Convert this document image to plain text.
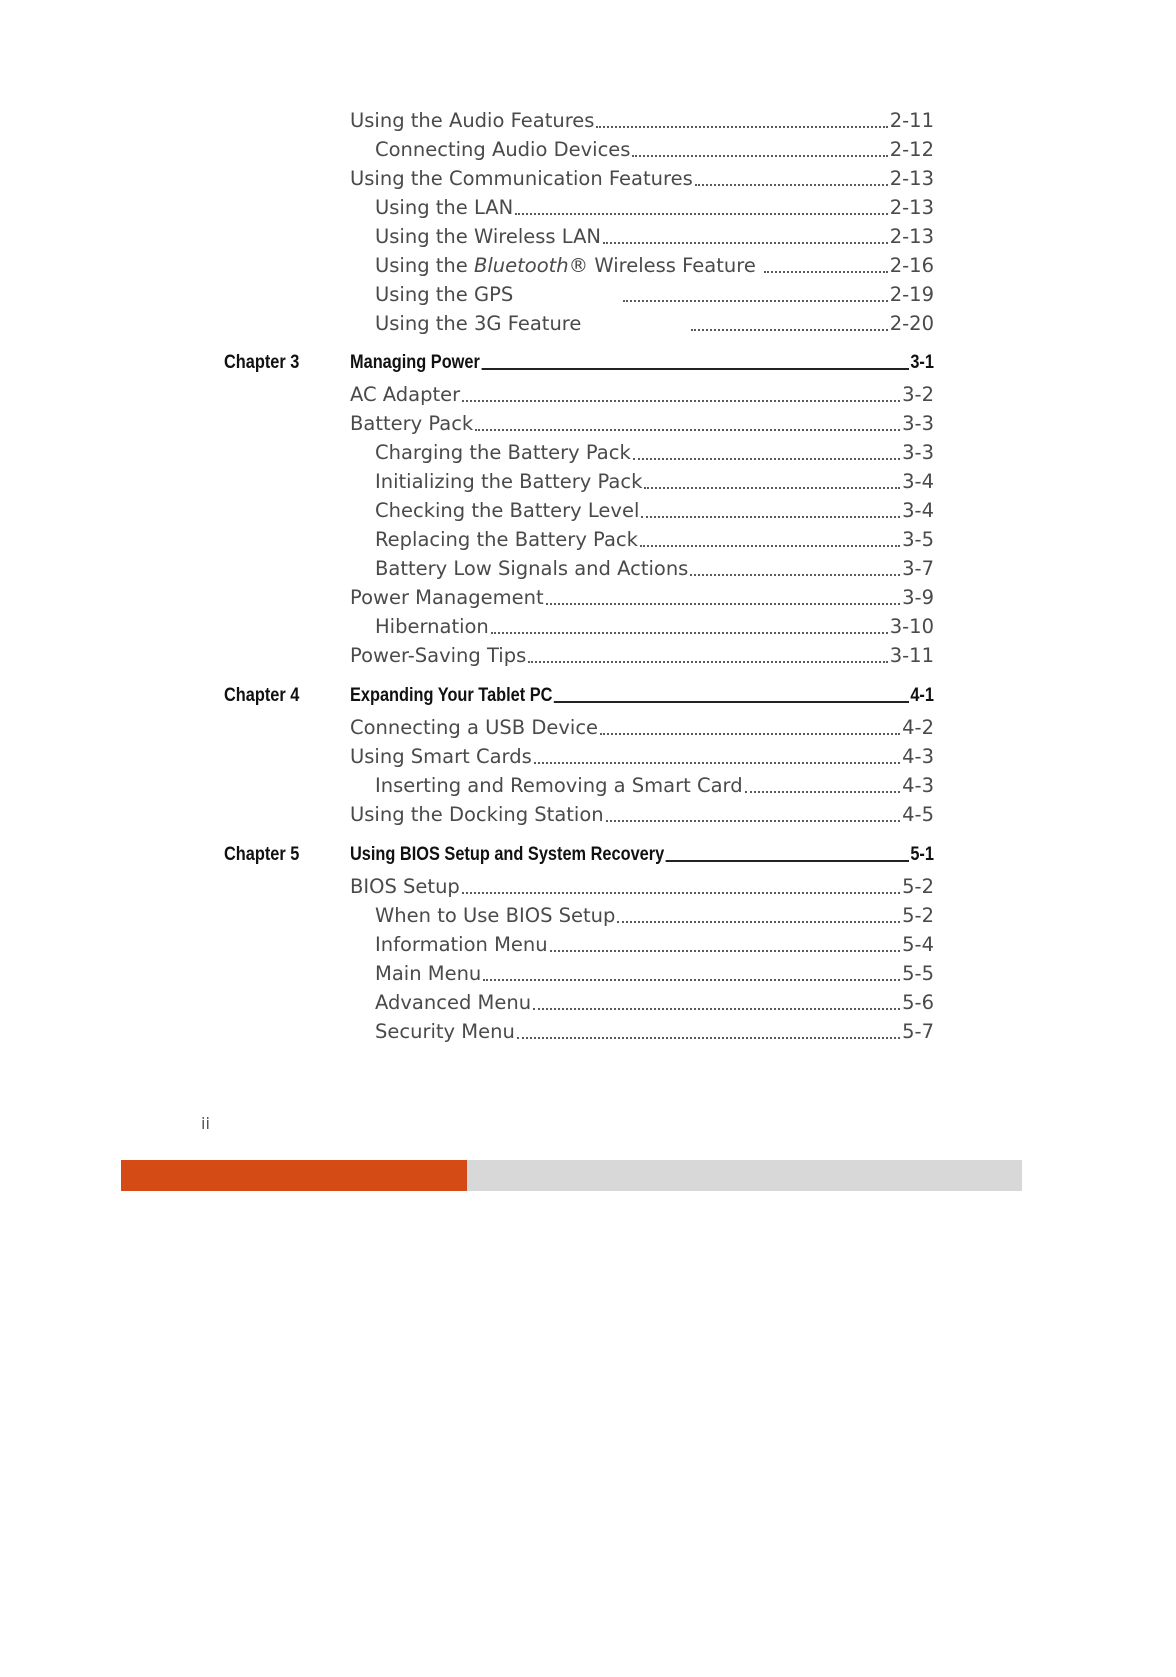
Using the Audio Features	2-11
Connecting Audio Devices	2-12
Using the Communication Features	2-13
Using the LAN	2-13
Using the Wireless LAN	2-13
Using the Bluetooth® Wireless Feature	2-16
Using the GPS	2-19
Using the 3G Feature	2-20
Chapter 3	Managing Power	3-1
AC Adapter	3-2
Battery Pack	3-3
Charging the Battery Pack	3-3
Initializing the Battery Pack	3-4
Checking the Battery Level	3-4
Replacing the Battery Pack	3-5
Battery Low Signals and Actions	3-7
Power Management	3-9
Hibernation	3-10
Power-Saving Tips	3-11
Chapter 4	Expanding Your Tablet PC	4-1
Connecting a USB Device	4-2
Using Smart Cards	4-3
Inserting and Removing a Smart Card	4-3
Using the Docking Station	4-5
Chapter 5	Using BIOS Setup and System Recovery	5-1
BIOS Setup	5-2
When to Use BIOS Setup	5-2
Information Menu	5-4
Main Menu	5-5
Advanced Menu	5-6
Security Menu	5-7
ii
